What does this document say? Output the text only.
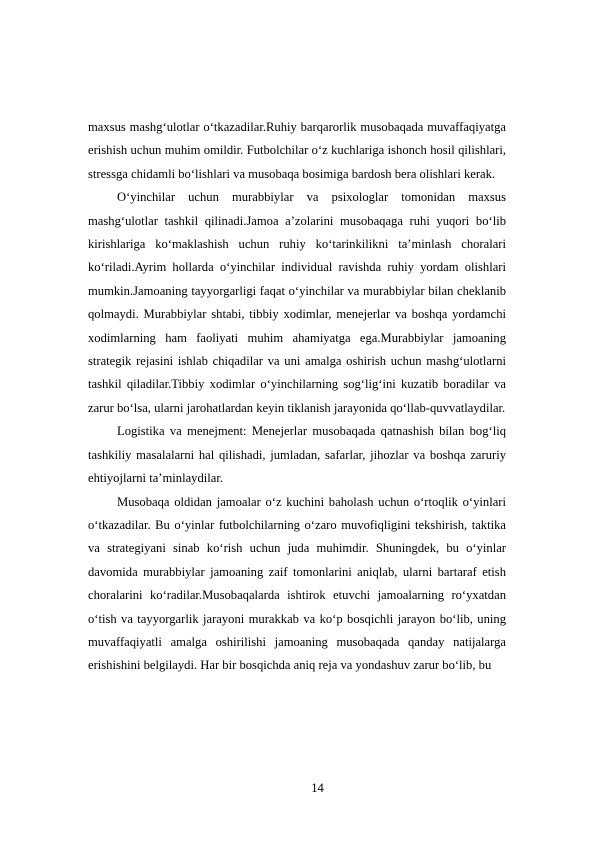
maxsus mashg‘ulotlar o‘tkazadilar.Ruhiy barqarorlik musobaqada muvaffaqiyatga erishish uchun muhim omildir. Futbolchilar o‘z kuchlariga ishonch hosil qilishlari, stressga chidamli bo‘lishlari va musobaqa bosimiga bardosh bera olishlari kerak.

O‘yinchilar uchun murabbiylar va psixologlar tomonidan maxsus mashg‘ulotlar tashkil qilinadi.Jamoa a’zolarini musobaqaga ruhi yuqori bo‘lib kirishlariga ko‘maklashish uchun ruhiy ko‘tarinkilikni ta’minlash choralari ko‘riladi.Ayrim hollarda o‘yinchilar individual ravishda ruhiy yordam olishlari mumkin.Jamoaning tayyorgarligi faqat o‘yinchilar va murabbiylar bilan cheklanib qolmaydi. Murabbiylar shtabi, tibbiy xodimlar, menejerlar va boshqa yordamchi xodimlarning ham faoliyati muhim ahamiyatga ega.Murabbiylar jamoaning strategik rejasini ishlab chiqadilar va uni amalga oshirish uchun mashg‘ulotlarni tashkil qiladilar.Tibbiy xodimlar o‘yinchilarning sog‘lig‘ini kuzatib boradilar va zarur bo‘lsa, ularni jarohatlardan keyin tiklanish jarayonida qo‘llab-quvvatlaydilar.

Logistika va menejment: Menejerlar musobaqada qatnashish bilan bog‘liq tashkiliy masalalarni hal qilishadi, jumladan, safarlar, jihozlar va boshqa zaruriy ehtiyojlarni ta’minlaydilar.

Musobaqa oldidan jamoalar o‘z kuchini baholash uchun o‘rtoqlik o‘yinlari o‘tkazadilar. Bu o‘yinlar futbolchilarning o‘zaro muvofiqligini tekshirish, taktika va strategiyani sinab ko‘rish uchun juda muhimdir. Shuningdek, bu o‘yinlar davomida murabbiylar jamoaning zaif tomonlarini aniqlab, ularni bartaraf etish choralarini ko‘radilar.Musobaqalarda ishtirok etuvchi jamoalarning ro‘yxatdan o‘tish va tayyorgarlik jarayoni murakkab va ko‘p bosqichli jarayon bo‘lib, uning muvaffaqiyatli amalga oshirilishi jamoaning musobaqada qanday natijalarga erishishini belgilaydi. Har bir bosqichda aniq reja va yondashuv zarur bo‘lib, bu

14
